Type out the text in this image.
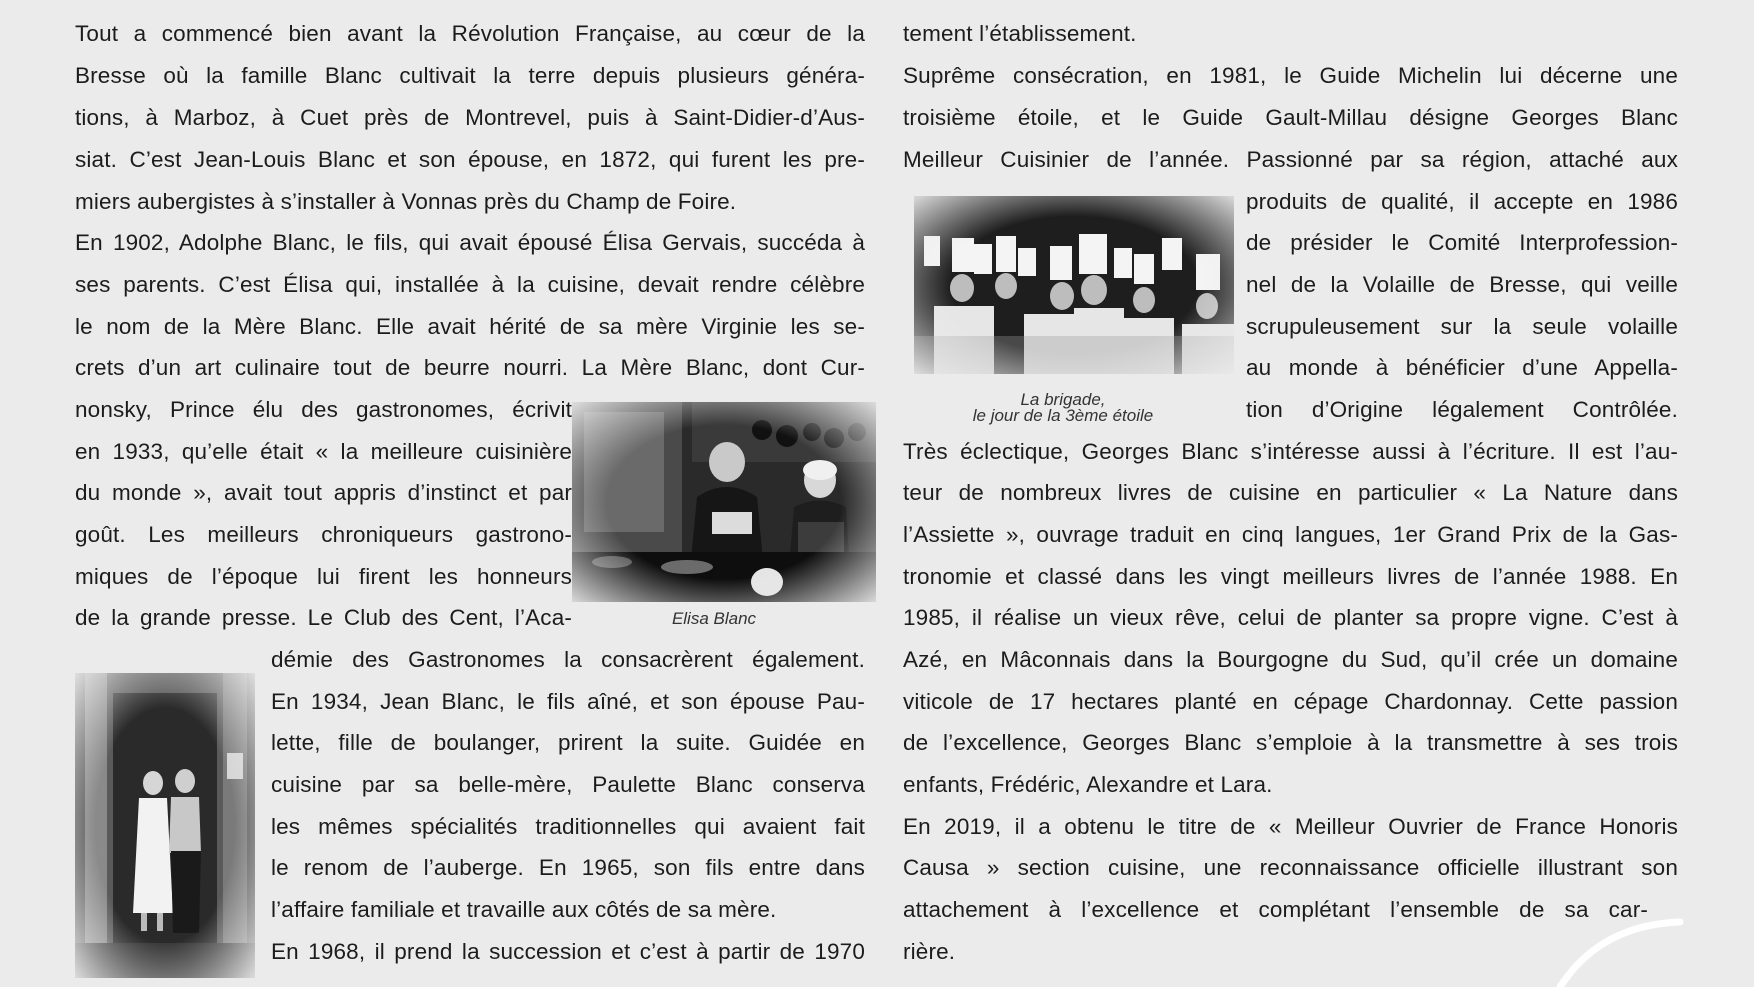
Tout a commencé bien avant la Révolution Française, au cœur de la
Bresse où la famille Blanc cultivait la terre depuis plusieurs généra-
tions, à Marboz, à Cuet près de Montrevel, puis à Saint-Didier-d’Aus-
siat. C’est Jean-Louis Blanc et son épouse, en 1872, qui furent les pre-
miers aubergistes à s’installer à Vonnas près du Champ de Foire.
En 1902, Adolphe Blanc, le fils, qui avait épousé Élisa Gervais, succéda à
ses parents. C’est Élisa qui, installée à la cuisine, devait rendre célèbre
le nom de la Mère Blanc. Elle avait hérité de sa mère Virginie les se-
crets d’un art culinaire tout de beurre nourri. La Mère Blanc, dont Cur-
nonsky, Prince élu des gastronomes, écrivit
en 1933, qu’elle était « la meilleure cuisinière
du monde », avait tout appris d’instinct et par
goût. Les meilleurs chroniqueurs gastrono-
miques de l’époque lui firent les honneurs
de la grande presse. Le Club des Cent, l’Aca-
démie des Gastronomes la consacrèrent également.
En 1934, Jean Blanc, le fils aîné, et son épouse Pau-
lette, fille de boulanger, prirent la suite. Guidée en
cuisine par sa belle-mère, Paulette Blanc conserva
les mêmes spécialités traditionnelles qui avaient fait
le renom de l’auberge. En 1965, son fils entre dans
l’affaire familiale et travaille aux côtés de sa mère.
En 1968, il prend la succession et c’est à partir de 1970
tement l’établissement.
Suprême consécration, en 1981, le Guide Michelin lui décerne une
troisième étoile, et le Guide Gault-Millau désigne Georges Blanc
Meilleur Cuisinier de l’année. Passionné par sa région, attaché aux
produits de qualité, il accepte en 1986
de présider le Comité Interprofession-
nel de la Volaille de Bresse, qui veille
scrupuleusement sur la seule volaille
au monde à bénéficier d’une Appella-
tion d’Origine légalement Contrôlée.
Très éclectique, Georges Blanc s’intéresse aussi à l’écriture. Il est l’au-
teur de nombreux livres de cuisine en particulier « La Nature dans
l’Assiette », ouvrage traduit en cinq langues, 1er Grand Prix de la Gas-
tronomie et classé dans les vingt meilleurs livres de l’année 1988. En
1985, il réalise un vieux rêve, celui de planter sa propre vigne. C’est à
Azé, en Mâconnais dans la Bourgogne du Sud, qu’il crée un domaine
viticole de 17 hectares planté en cépage Chardonnay. Cette passion
de l’excellence, Georges Blanc s’emploie à la transmettre à ses trois
enfants, Frédéric, Alexandre et Lara.
En 2019, il a obtenu le titre de « Meilleur Ouvrier de France Honoris
Causa » section cuisine, une reconnaissance officielle illustrant son
attachement à l’excellence et complétant l’ensemble de sa car-
rière.
Elisa Blanc
La brigade,
le jour de la 3ème étoile
